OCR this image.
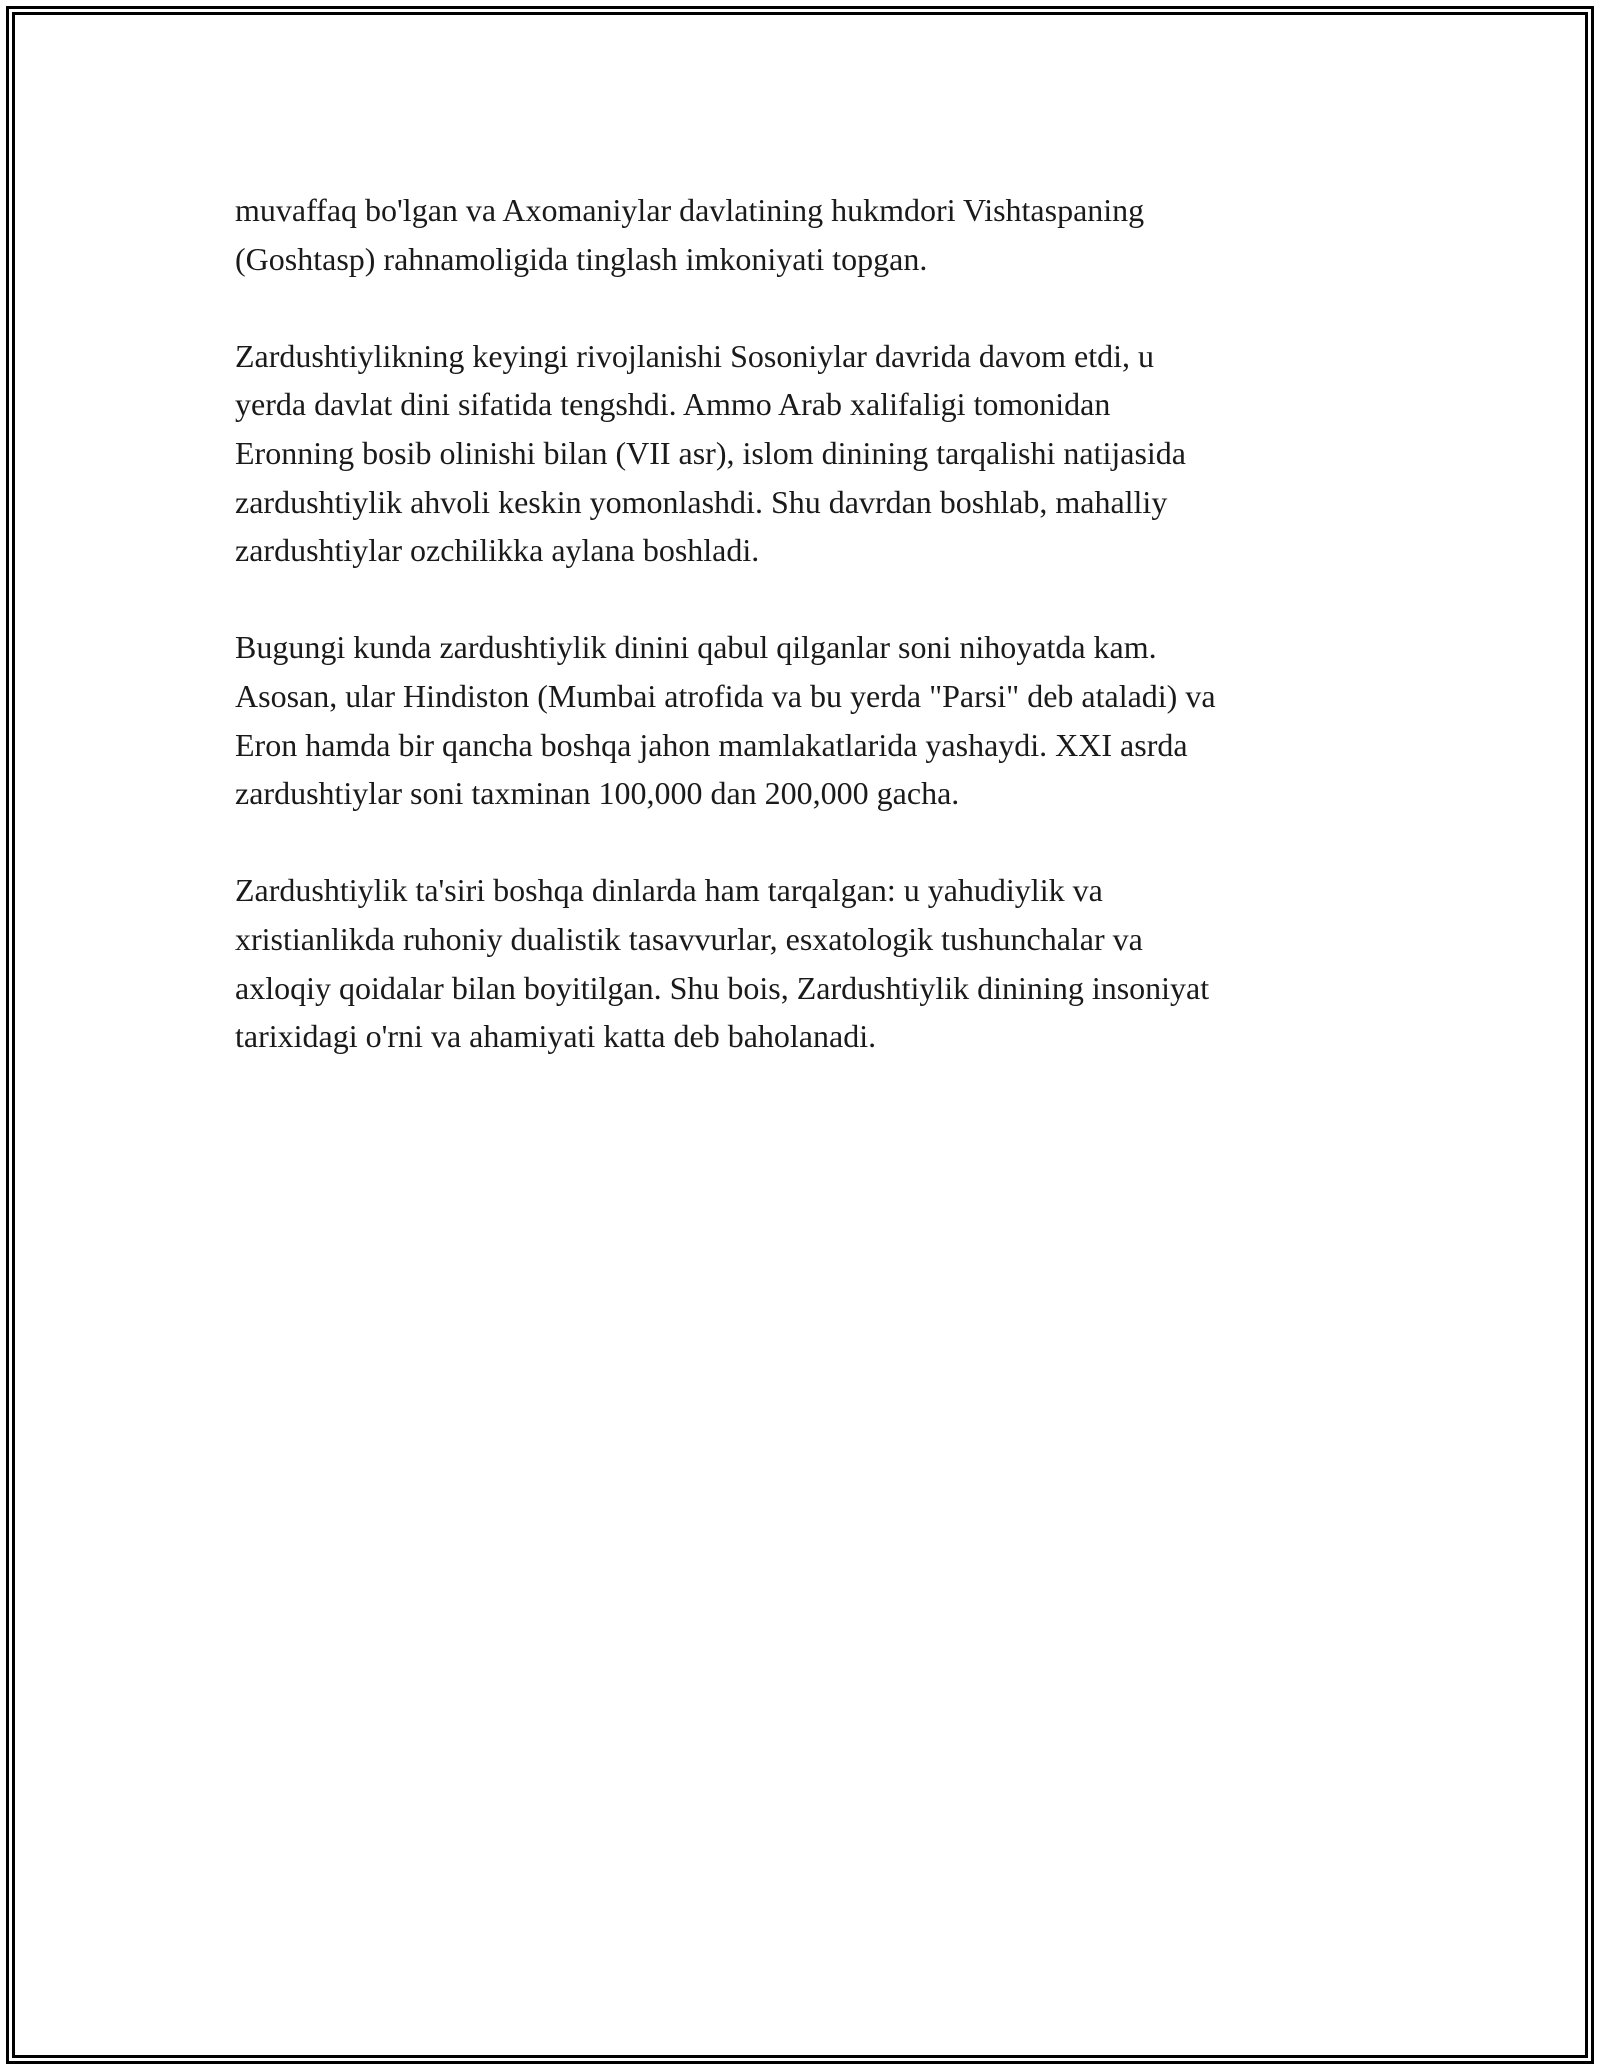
muvaffaq bo'lgan va Axomaniylar davlatining hukmdori Vishtaspaning
(Goshtasp) rahnamoligida tinglash imkoniyati topgan.

Zardushtiylikning keyingi rivojlanishi Sosoniylar davrida davom etdi, u
yerda davlat dini sifatida tengshdi. Ammo Arab xalifaligi tomonidan
Eronning bosib olinishi bilan (VII asr), islom dinining tarqalishi natijasida
zardushtiylik ahvoli keskin yomonlashdi. Shu davrdan boshlab, mahalliy
zardushtiylar ozchilikka aylana boshladi.

Bugungi kunda zardushtiylik dinini qabul qilganlar soni nihoyatda kam.
Asosan, ular Hindiston (Mumbai atrofida va bu yerda "Parsi" deb ataladi) va
Eron hamda bir qancha boshqa jahon mamlakatlarida yashaydi. XXI asrda
zardushtiylar soni taxminan 100,000 dan 200,000 gacha.

Zardushtiylik ta'siri boshqa dinlarda ham tarqalgan: u yahudiylik va
xristianlikda ruhoniy dualistik tasavvurlar, esxatologik tushunchalar va
axloqiy qoidalar bilan boyitilgan. Shu bois, Zardushtiylik dinining insoniyat
tarixidagi o'rni va ahamiyati katta deb baholanadi.
